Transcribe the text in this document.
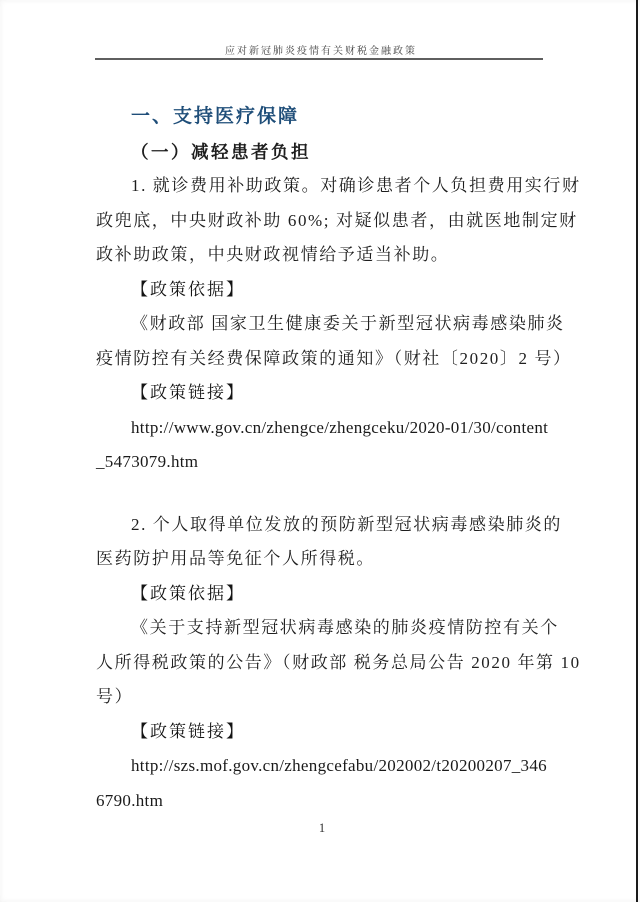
应对新冠肺炎疫情有关财税金融政策
一、支持医疗保障
（一）减轻患者负担
1. 就诊费用补助政策。对确诊患者个人负担费用实行财
政兜底，中央财政补助 60%; 对疑似患者，由就医地制定财
政补助政策，中央财政视情给予适当补助。
【政策依据】
《财政部 国家卫生健康委关于新型冠状病毒感染肺炎
疫情防控有关经费保障政策的通知》（财社〔2020〕2 号）
【政策链接】
http://www.gov.cn/zhengce/zhengceku/2020-01/30/content
_5473079.htm
2. 个人取得单位发放的预防新型冠状病毒感染肺炎的
医药防护用品等免征个人所得税。
【政策依据】
《关于支持新型冠状病毒感染的肺炎疫情防控有关个
人所得税政策的公告》（财政部 税务总局公告 2020 年第 10
号）
【政策链接】
http://szs.mof.gov.cn/zhengcefabu/202002/t20200207_346
6790.htm
1
